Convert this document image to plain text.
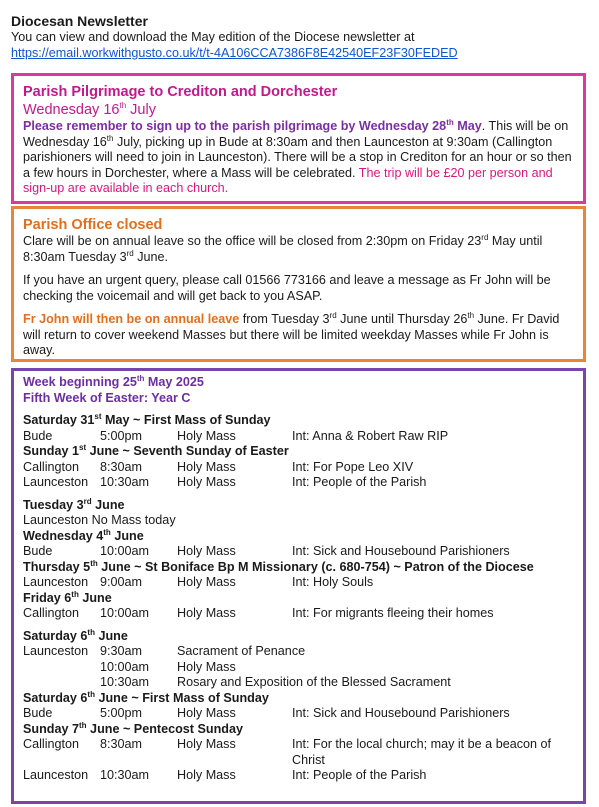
Diocesan Newsletter
You can view and download the May edition of the Diocese newsletter at
https://email.workwithgusto.co.uk/t/t-4A106CCA7386F8E42540EF23F30FEDED
Parish Pilgrimage to Crediton and Dorchester
Wednesday 16th July

Please remember to sign up to the parish pilgrimage by Wednesday 28th May. This will be on Wednesday 16th July, picking up in Bude at 8:30am and then Launceston at 9:30am (Callington parishioners will need to join in Launceston). There will be a stop in Crediton for an hour or so then a few hours in Dorchester, where a Mass will be celebrated. The trip will be £20 per person and sign-up are available in each church.

Parish Office closed

Clare will be on annual leave so the office will be closed from 2:30pm on Friday 23rd May until 8:30am Tuesday 3rd June.

If you have an urgent query, please call 01566 773166 and leave a message as Fr John will be checking the voicemail and will get back to you ASAP.

Fr John will then be on annual leave from Tuesday 3rd June until Thursday 26th June. Fr David will return to cover weekend Masses but there will be limited weekday Masses while Fr John is away.

Week beginning 25th May 2025
Fifth Week of Easter: Year C
Saturday 31st May ~ First Mass of Sunday
Bude	5:00pm	Holy Mass	Int: Anna & Robert Raw RIP
Sunday 1st June ~ Seventh Sunday of Easter
Callington	8:30am	Holy Mass	Int: For Pope Leo XIV
Launceston 10:30am	Holy Mass	Int: People of the Parish
Tuesday 3rd June
Launceston No Mass today
Wednesday 4th June
Bude	10:00am	Holy Mass	Int: Sick and Housebound Parishioners
Thursday 5th June ~ St Boniface Bp M Missionary (c. 680-754) ~ Patron of the Diocese
Launceston 9:00am	Holy Mass	Int: Holy Souls
Friday 6th June
Callington	10:00am	Holy Mass	Int: For migrants fleeing their homes
Saturday 6th June
Launceston 9:30am	Sacrament of Penance
10:00am	Holy Mass
10:30am	Rosary and Exposition of the Blessed Sacrament
Saturday 6th June ~ First Mass of Sunday
Bude	5:00pm	Holy Mass	Int: Sick and Housebound Parishioners
Sunday 7th June ~ Pentecost Sunday
Callington	8:30am	Holy Mass	Int: For the local church; may it be a beacon of Christ
Launceston 10:30am	Holy Mass	Int: People of the Parish
